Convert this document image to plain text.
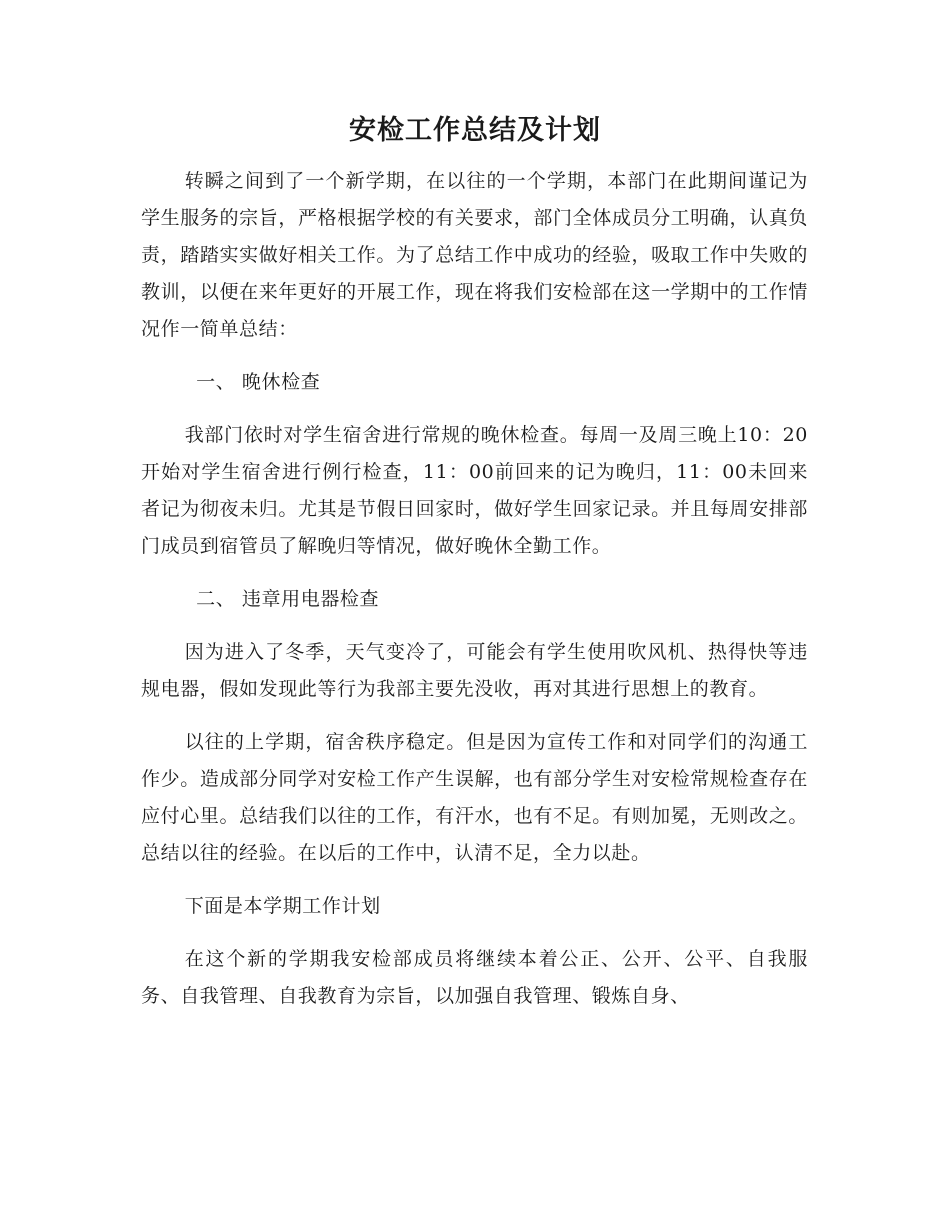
安检工作总结及计划

转瞬之间到了一个新学期，在以往的一个学期，本部门在此期间谨记为学生服务的宗旨，严格根据学校的有关要求，部门全体成员分工明确，认真负责，踏踏实实做好相关工作。为了总结工作中成功的经验，吸取工作中失败的教训，以便在来年更好的开展工作，现在将我们安检部在这一学期中的工作情况作一简单总结：

一、 晚休检查

我部门依时对学生宿舍进行常规的晚休检查。每周一及周三晚上10：20开始对学生宿舍进行例行检查，11：00前回来的记为晚归，11：00未回来者记为彻夜未归。尤其是节假日回家时，做好学生回家记录。并且每周安排部门成员到宿管员了解晚归等情况，做好晚休全勤工作。

二、 违章用电器检查

因为进入了冬季，天气变冷了，可能会有学生使用吹风机、热得快等违规电器，假如发现此等行为我部主要先没收，再对其进行思想上的教育。

以往的上学期，宿舍秩序稳定。但是因为宣传工作和对同学们的沟通工作少。造成部分同学对安检工作产生误解，也有部分学生对安检常规检查存在应付心里。总结我们以往的工作，有汗水，也有不足。有则加冕，无则改之。总结以往的经验。在以后的工作中，认清不足，全力以赴。

下面是本学期工作计划

在这个新的学期我安检部成员将继续本着公正、公开、公平、自我服务、自我管理、自我教育为宗旨，以加强自我管理、锻炼自身、
